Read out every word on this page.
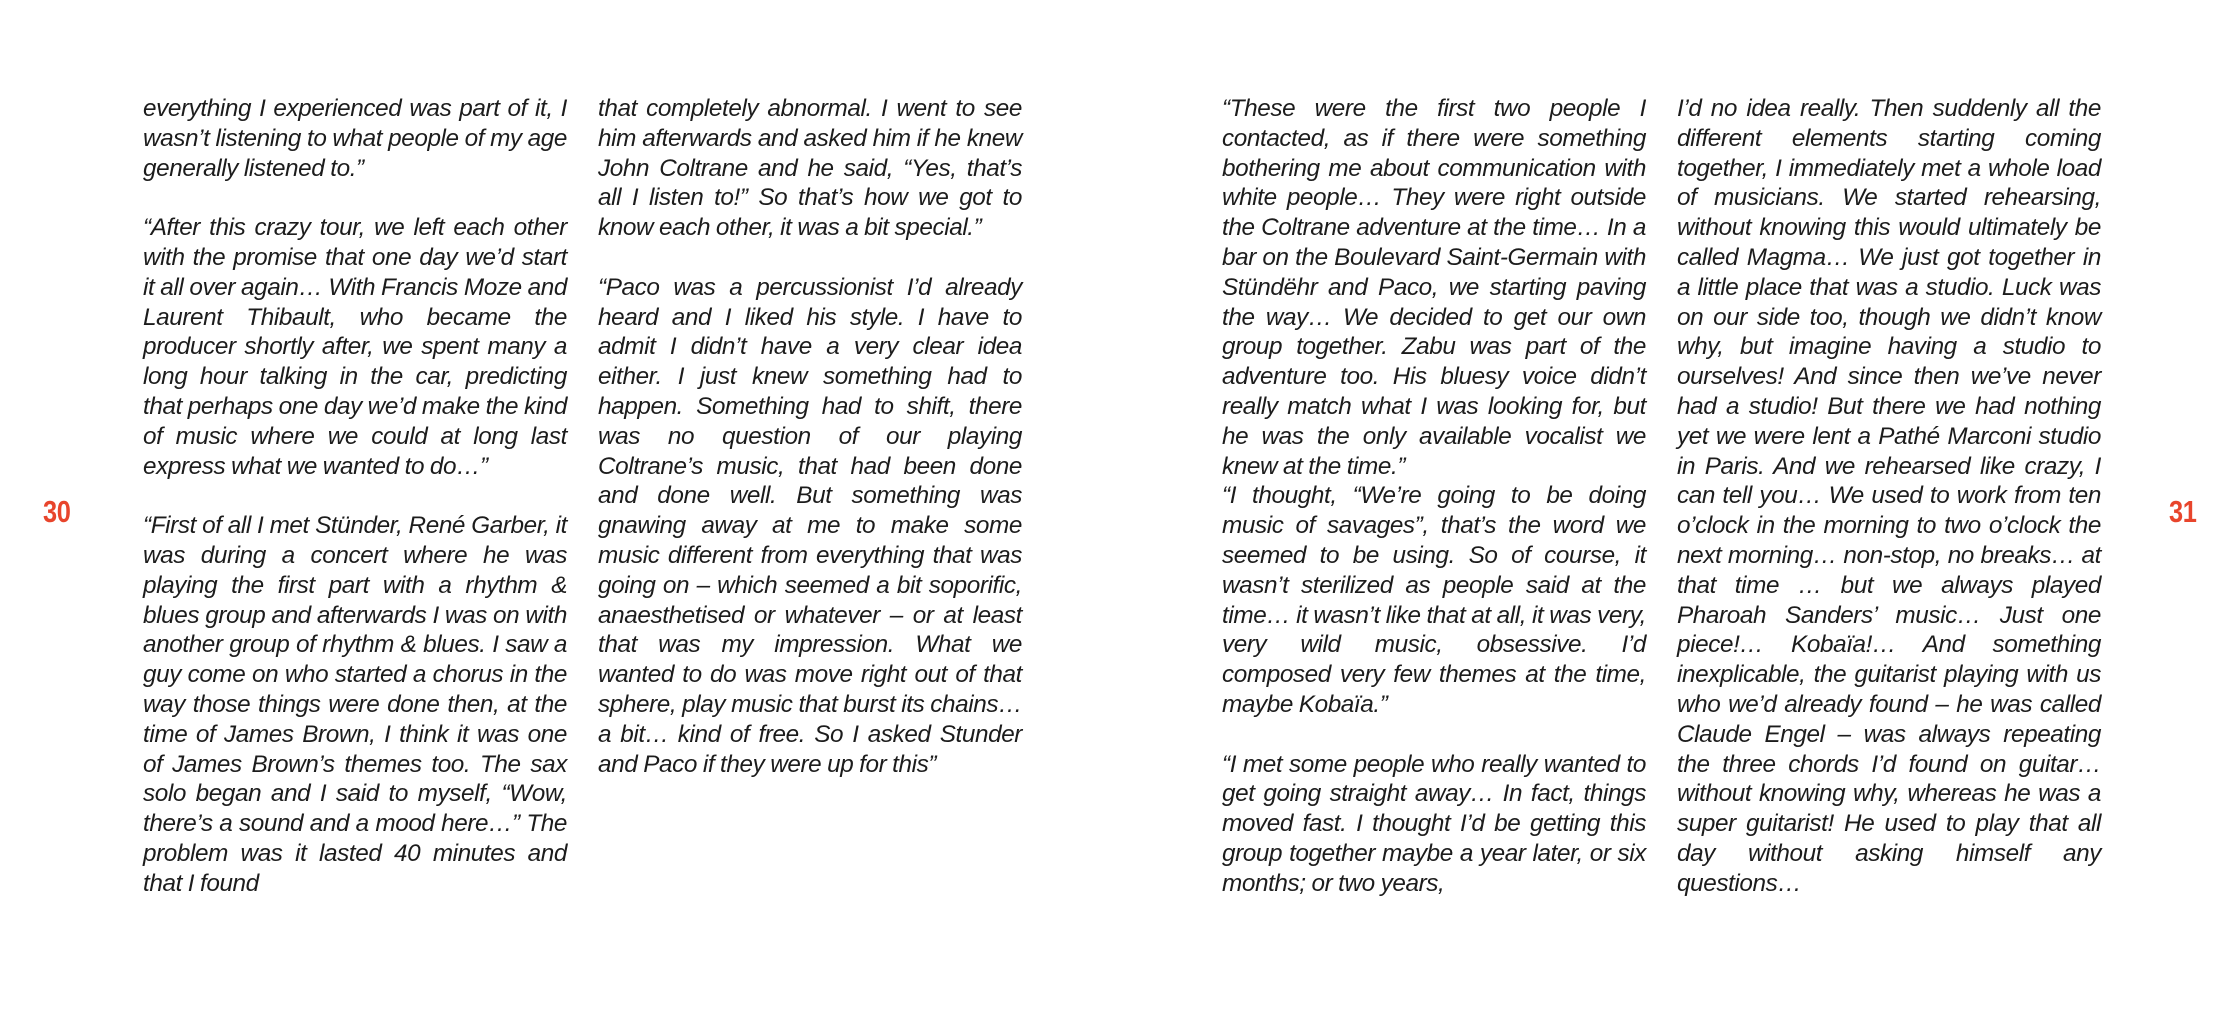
30

everything I experienced was part of it, I wasn’t listening to what people of my age generally listened to.”

“After this crazy tour, we left each other with the promise that one day we’d start it all over again… With Francis Moze and Laurent Thibault, who became the producer shortly after, we spent many a long hour talking in the car, predicting that perhaps one day we’d make the kind of music where we could at long last express what we wanted to do…”

“First of all I met Stünder, René Garber, it was during a concert where he was playing the first part with a rhythm & blues group and afterwards I was on with another group of rhythm & blues. I saw a guy come on who started a chorus in the way those things were done then, at the time of James Brown, I think it was one of James Brown’s themes too. The sax solo began and I said to myself, “Wow, there’s a sound and a mood here…” The problem was it lasted 40 minutes and that I found

that completely abnormal. I went to see him afterwards and asked him if he knew John Coltrane and he said, “Yes, that’s all I listen to!” So that’s how we got to know each other, it was a bit special.”

“Paco was a percussionist I’d already heard and I liked his style. I have to admit I didn’t have a very clear idea either. I just knew something had to happen. Something had to shift, there was no question of our playing Coltrane’s music, that had been done and done well. But something was gnawing away at me to make some music different from everything that was going on – which seemed a bit soporific, anaesthetised or whatever – or at least that was my impression. What we wanted to do was move right out of that sphere, play music that burst its chains… a bit… kind of free. So I asked Stunder and Paco if they were up for this”

“These were the first two people I contacted, as if there were something bothering me about communication with white people… They were right outside the Coltrane adventure at the time… In a bar on the Boulevard Saint-Germain with Stündëhr and Paco, we starting paving the way… We decided to get our own group together. Zabu was part of the adventure too. His bluesy voice didn’t really match what I was looking for, but he was the only available vocalist we knew at the time.”

“I thought, “We’re going to be doing music of savages”, that’s the word we seemed to be using. So of course, it wasn’t sterilized as people said at the time… it wasn’t like that at all, it was very, very wild music, obsessive. I’d composed very few themes at the time, maybe Kobaïa.”

“I met some people who really wanted to get going straight away… In fact, things moved fast. I thought I’d be getting this group together maybe a year later, or six months; or two years,

I’d no idea really. Then suddenly all the different elements starting coming together, I immediately met a whole load of musicians. We started rehearsing, without knowing this would ultimately be called Magma… We just got together in a little place that was a studio. Luck was on our side too, though we didn’t know why, but imagine having a studio to ourselves! And since then we’ve never had a studio! But there we had nothing yet we were lent a Pathé Marconi studio in Paris. And we rehearsed like crazy, I can tell you… We used to work from ten o’clock in the morning to two o’clock the next morning… non-stop, no breaks… at that time … but we always played Pharoah Sanders’ music… Just one piece!… Kobaïa!… And something inexplicable, the guitarist playing with us who we’d already found – he was called Claude Engel – was always repeating the three chords I’d found on guitar… without knowing why, whereas he was a super guitarist! He used to play that all day without asking himself any questions…

31
